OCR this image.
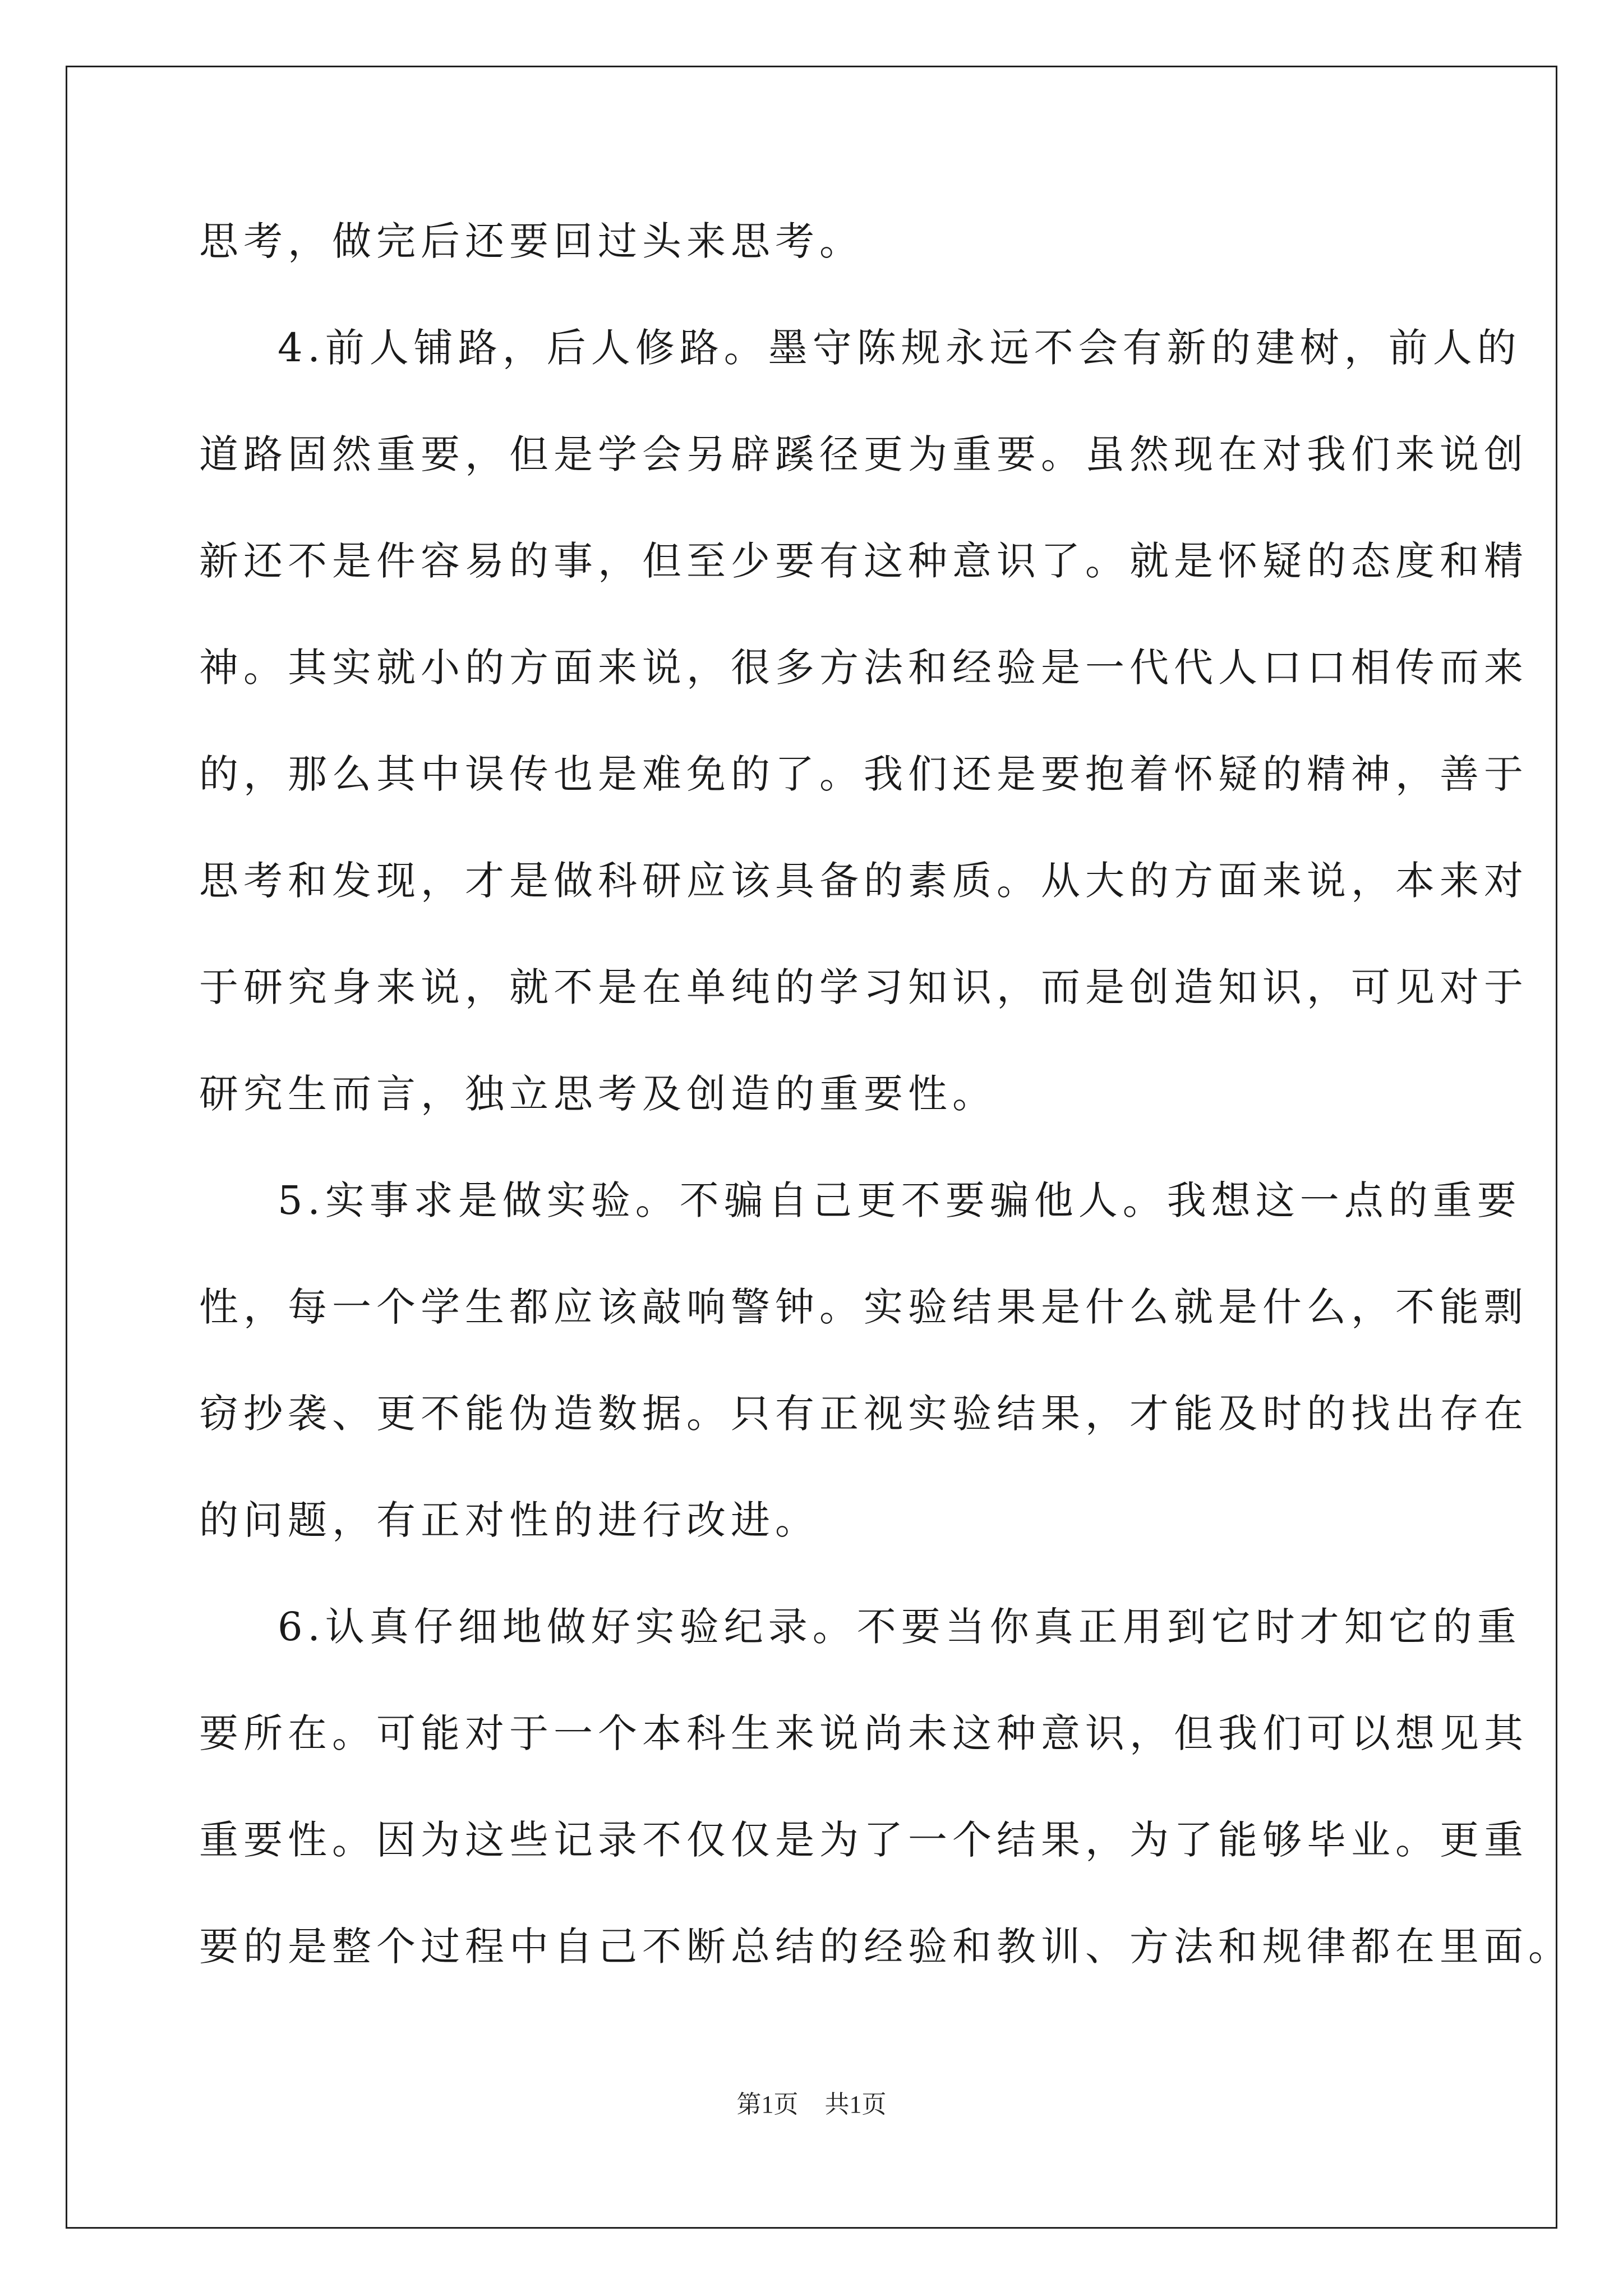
思考，做完后还要回过头来思考。
4.前人铺路，后人修路。墨守陈规永远不会有新的建树，前人的
道路固然重要，但是学会另辟蹊径更为重要。虽然现在对我们来说创
新还不是件容易的事，但至少要有这种意识了。就是怀疑的态度和精
神。其实就小的方面来说，很多方法和经验是一代代人口口相传而来
的，那么其中误传也是难免的了。我们还是要抱着怀疑的精神，善于
思考和发现，才是做科研应该具备的素质。从大的方面来说，本来对
于研究身来说，就不是在单纯的学习知识，而是创造知识，可见对于
研究生而言，独立思考及创造的重要性。
5.实事求是做实验。不骗自己更不要骗他人。我想这一点的重要
性，每一个学生都应该敲响警钟。实验结果是什么就是什么，不能剽
窃抄袭、更不能伪造数据。只有正视实验结果，才能及时的找出存在
的问题，有正对性的进行改进。
6.认真仔细地做好实验纪录。不要当你真正用到它时才知它的重
要所在。可能对于一个本科生来说尚未这种意识，但我们可以想见其
重要性。因为这些记录不仅仅是为了一个结果，为了能够毕业。更重
要的是整个过程中自己不断总结的经验和教训、方法和规律都在里面。
第1页 共1页
